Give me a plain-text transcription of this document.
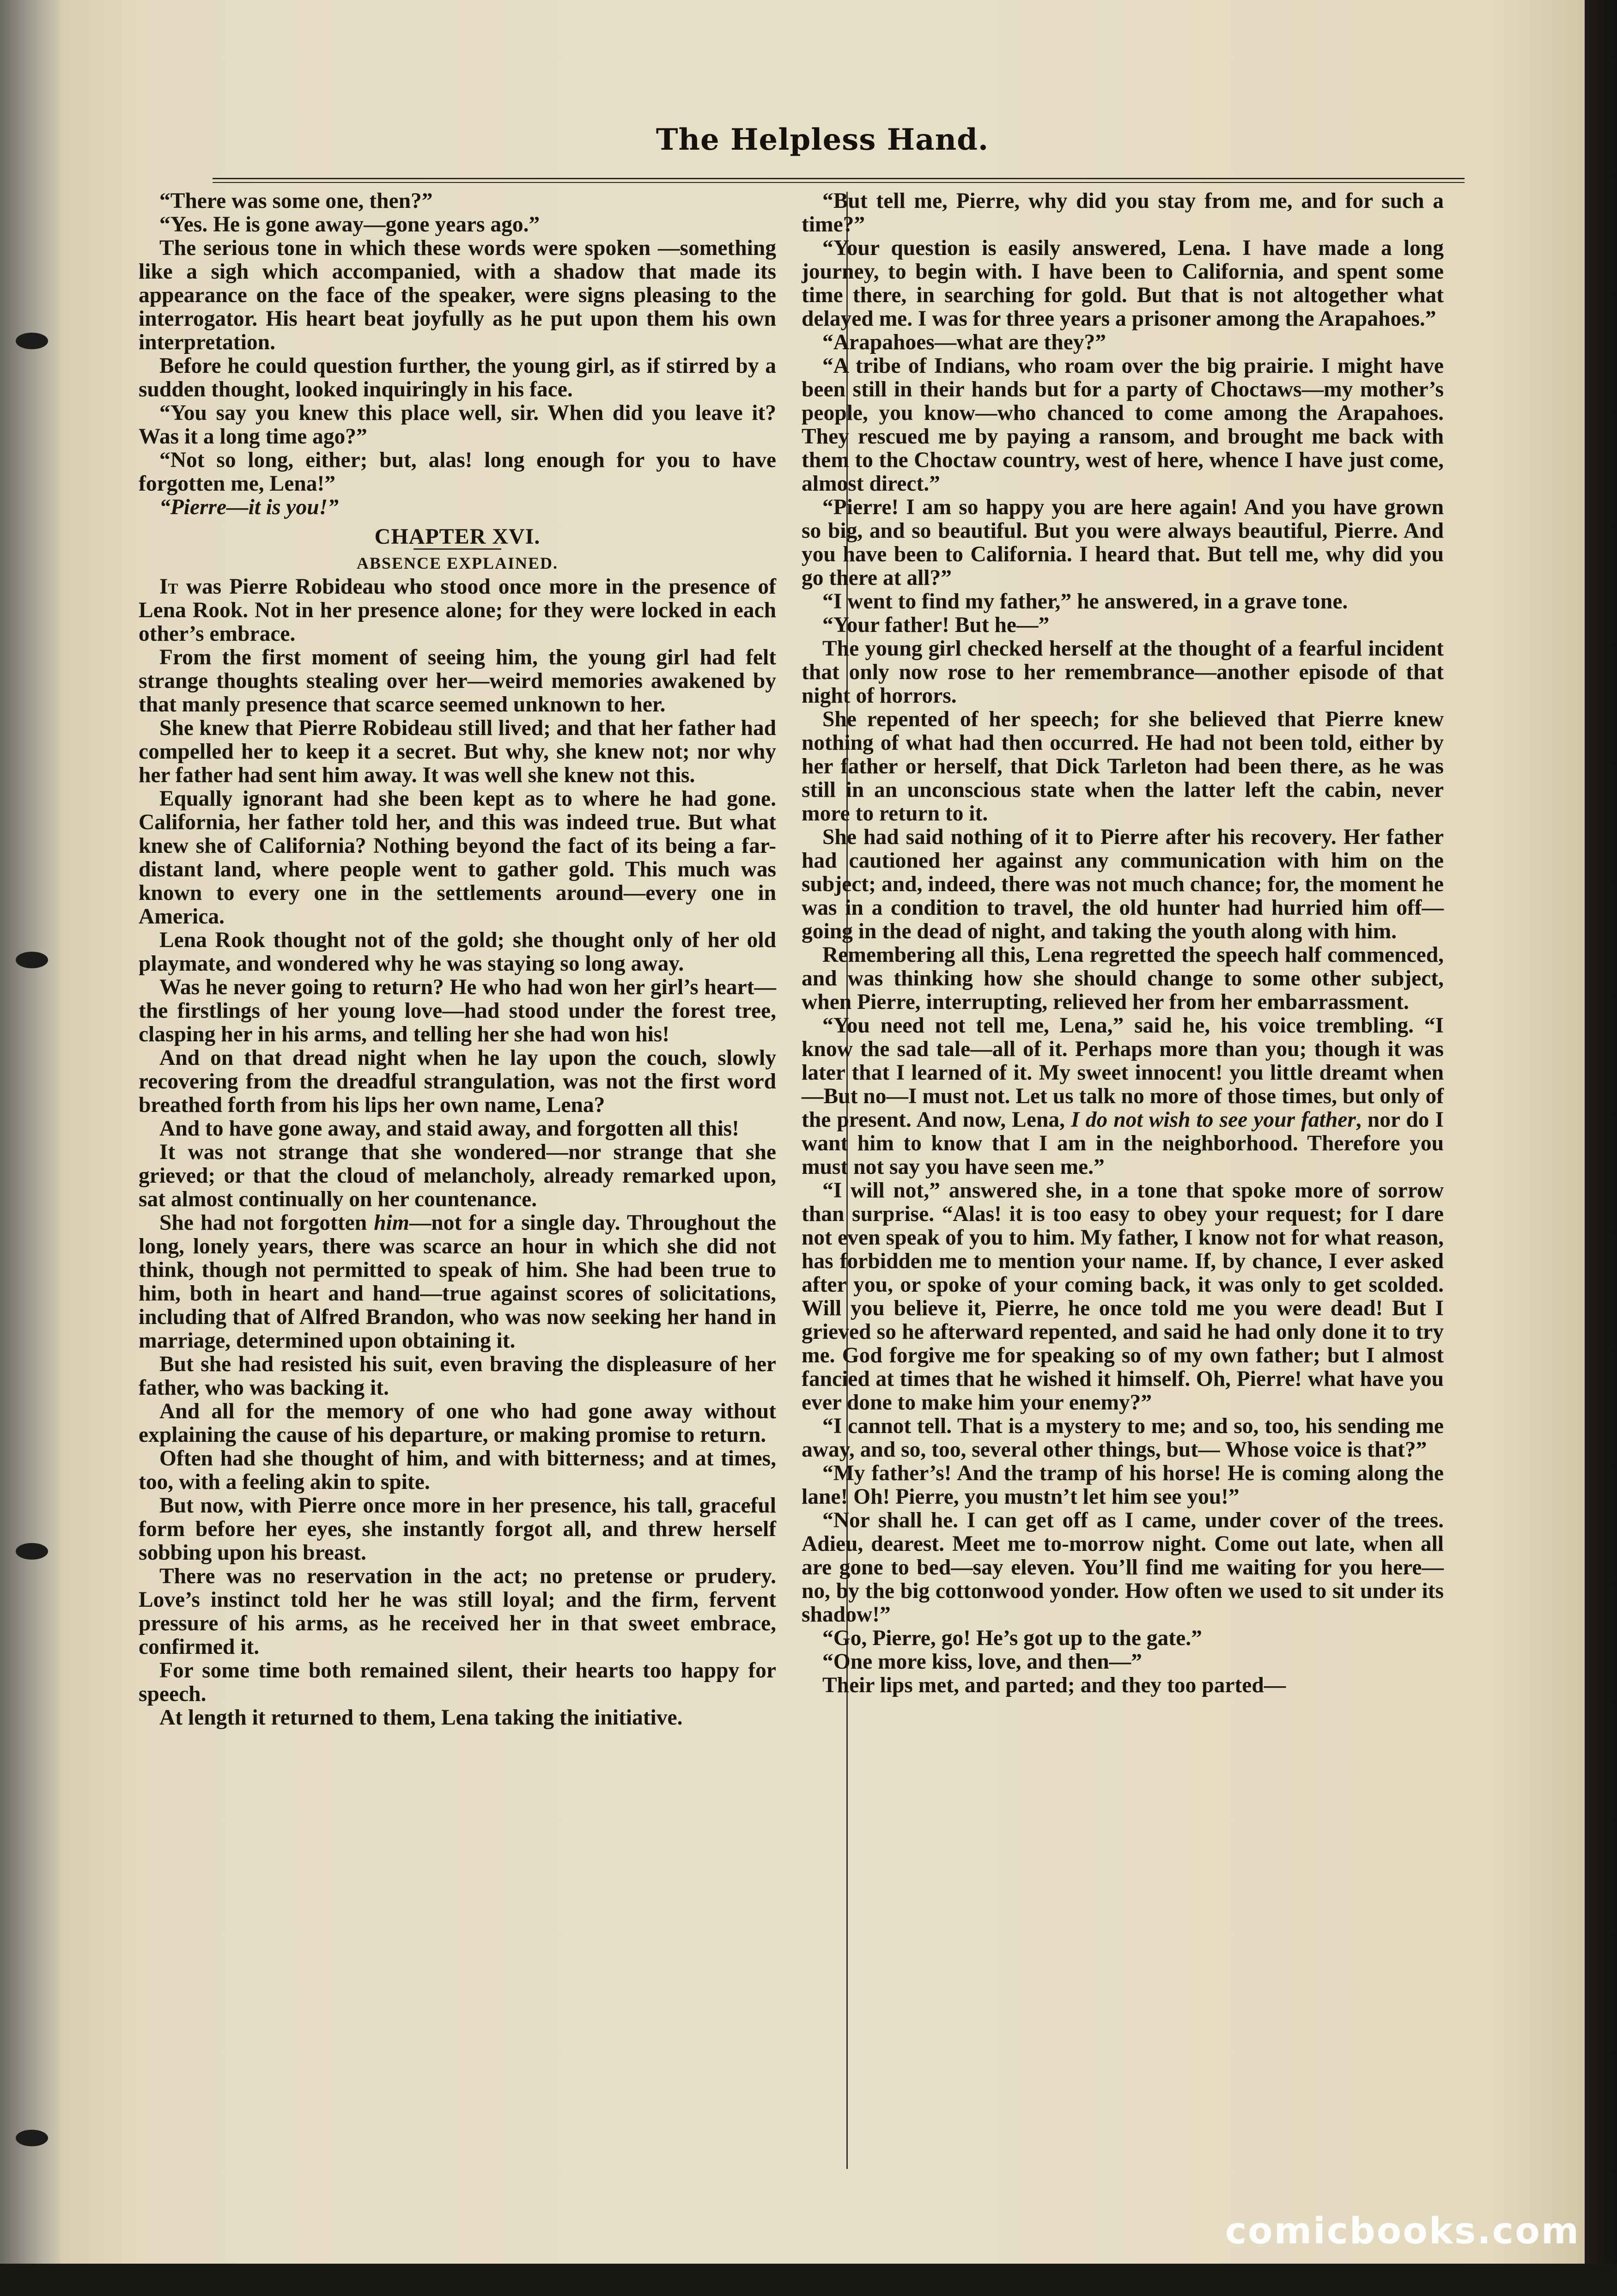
The Helpless Hand.

“There was some one, then?”

“Yes. He is gone away—gone years ago.”

The serious tone in which these words were spoken —something like a sigh which accompanied, with a shadow that made its appearance on the face of the speaker, were signs pleasing to the interrogator. His heart beat joyfully as he put upon them his own interpretation.

Before he could question further, the young girl, as if stirred by a sudden thought, looked inquiringly in his face.

“You say you knew this place well, sir. When did you leave it? Was it a long time ago?”

“Not so long, either; but, alas! long enough for you to have forgotten me, Lena!”

“Pierre—it is you!”

CHAPTER XVI.

ABSENCE EXPLAINED.

It was Pierre Robideau who stood once more in the presence of Lena Rook. Not in her presence alone; for they were locked in each other’s embrace.

From the first moment of seeing him, the young girl had felt strange thoughts stealing over her—weird memories awakened by that manly presence that scarce seemed unknown to her.

She knew that Pierre Robideau still lived; and that her father had compelled her to keep it a secret. But why, she knew not; nor why her father had sent him away. It was well she knew not this.

Equally ignorant had she been kept as to where he had gone. California, her father told her, and this was indeed true. But what knew she of California? Nothing beyond the fact of its being a far-distant land, where people went to gather gold. This much was known to every one in the settlements around—every one in America.

Lena Rook thought not of the gold; she thought only of her old playmate, and wondered why he was staying so long away.

Was he never going to return? He who had won her girl’s heart—the firstlings of her young love—had stood under the forest tree, clasping her in his arms, and telling her she had won his!

And on that dread night when he lay upon the couch, slowly recovering from the dreadful strangulation, was not the first word breathed forth from his lips her own name, Lena?

And to have gone away, and staid away, and forgotten all this!

It was not strange that she wondered—nor strange that she grieved; or that the cloud of melancholy, already remarked upon, sat almost continually on her countenance.

She had not forgotten him—not for a single day. Throughout the long, lonely years, there was scarce an hour in which she did not think, though not permitted to speak of him. She had been true to him, both in heart and hand—true against scores of solicitations, including that of Alfred Brandon, who was now seeking her hand in marriage, determined upon obtaining it.

But she had resisted his suit, even braving the displeasure of her father, who was backing it.

And all for the memory of one who had gone away without explaining the cause of his departure, or making promise to return.

Often had she thought of him, and with bitterness; and at times, too, with a feeling akin to spite.

But now, with Pierre once more in her presence, his tall, graceful form before her eyes, she instantly forgot all, and threw herself sobbing upon his breast.

There was no reservation in the act; no pretense or prudery. Love’s instinct told her he was still loyal; and the firm, fervent pressure of his arms, as he received her in that sweet embrace, confirmed it.

For some time both remained silent, their hearts too happy for speech.

At length it returned to them, Lena taking the initiative.

“But tell me, Pierre, why did you stay from me, and for such a time?”

“Your question is easily answered, Lena. I have made a long journey, to begin with. I have been to California, and spent some time there, in searching for gold. But that is not altogether what delayed me. I was for three years a prisoner among the Arapahoes.”

“Arapahoes—what are they?”

“A tribe of Indians, who roam over the big prairie. I might have been still in their hands but for a party of Choctaws—my mother’s people, you know—who chanced to come among the Arapahoes. They rescued me by paying a ransom, and brought me back with them to the Choctaw country, west of here, whence I have just come, almost direct.”

“Pierre! I am so happy you are here again! And you have grown so big, and so beautiful. But you were always beautiful, Pierre. And you have been to California. I heard that. But tell me, why did you go there at all?”

“I went to find my father,” he answered, in a grave tone.

“Your father! But he—”

The young girl checked herself at the thought of a fearful incident that only now rose to her remembrance—another episode of that night of horrors.

She repented of her speech; for she believed that Pierre knew nothing of what had then occurred. He had not been told, either by her father or herself, that Dick Tarleton had been there, as he was still in an unconscious state when the latter left the cabin, never more to return to it.

She had said nothing of it to Pierre after his recovery. Her father had cautioned her against any communication with him on the subject; and, indeed, there was not much chance; for, the moment he was in a condition to travel, the old hunter had hurried him off—going in the dead of night, and taking the youth along with him.

Remembering all this, Lena regretted the speech half commenced, and was thinking how she should change to some other subject, when Pierre, interrupting, relieved her from her embarrassment.

“You need not tell me, Lena,” said he, his voice trembling. “I know the sad tale—all of it. Perhaps more than you; though it was later that I learned of it. My sweet innocent! you little dreamt when—But no—I must not. Let us talk no more of those times, but only of the present. And now, Lena, I do not wish to see your father, nor do I want him to know that I am in the neighborhood. Therefore you must not say you have seen me.”

“I will not,” answered she, in a tone that spoke more of sorrow than surprise. “Alas! it is too easy to obey your request; for I dare not even speak of you to him. My father, I know not for what reason, has forbidden me to mention your name. If, by chance, I ever asked after you, or spoke of your coming back, it was only to get scolded. Will you believe it, Pierre, he once told me you were dead! But I grieved so he afterward repented, and said he had only done it to try me. God forgive me for speaking so of my own father; but I almost fancied at times that he wished it himself. Oh, Pierre! what have you ever done to make him your enemy?”

“I cannot tell. That is a mystery to me; and so, too, his sending me away, and so, too, several other things, but— Whose voice is that?”

“My father’s! And the tramp of his horse! He is coming along the lane! Oh! Pierre, you mustn’t let him see you!”

“Nor shall he. I can get off as I came, under cover of the trees. Adieu, dearest. Meet me to-morrow night. Come out late, when all are gone to bed—say eleven. You’ll find me waiting for you here—no, by the big cottonwood yonder. How often we used to sit under its shadow!”

“Go, Pierre, go! He’s got up to the gate.”

“One more kiss, love, and then—”

Their lips met, and parted; and they too parted—

comicbooks.com
